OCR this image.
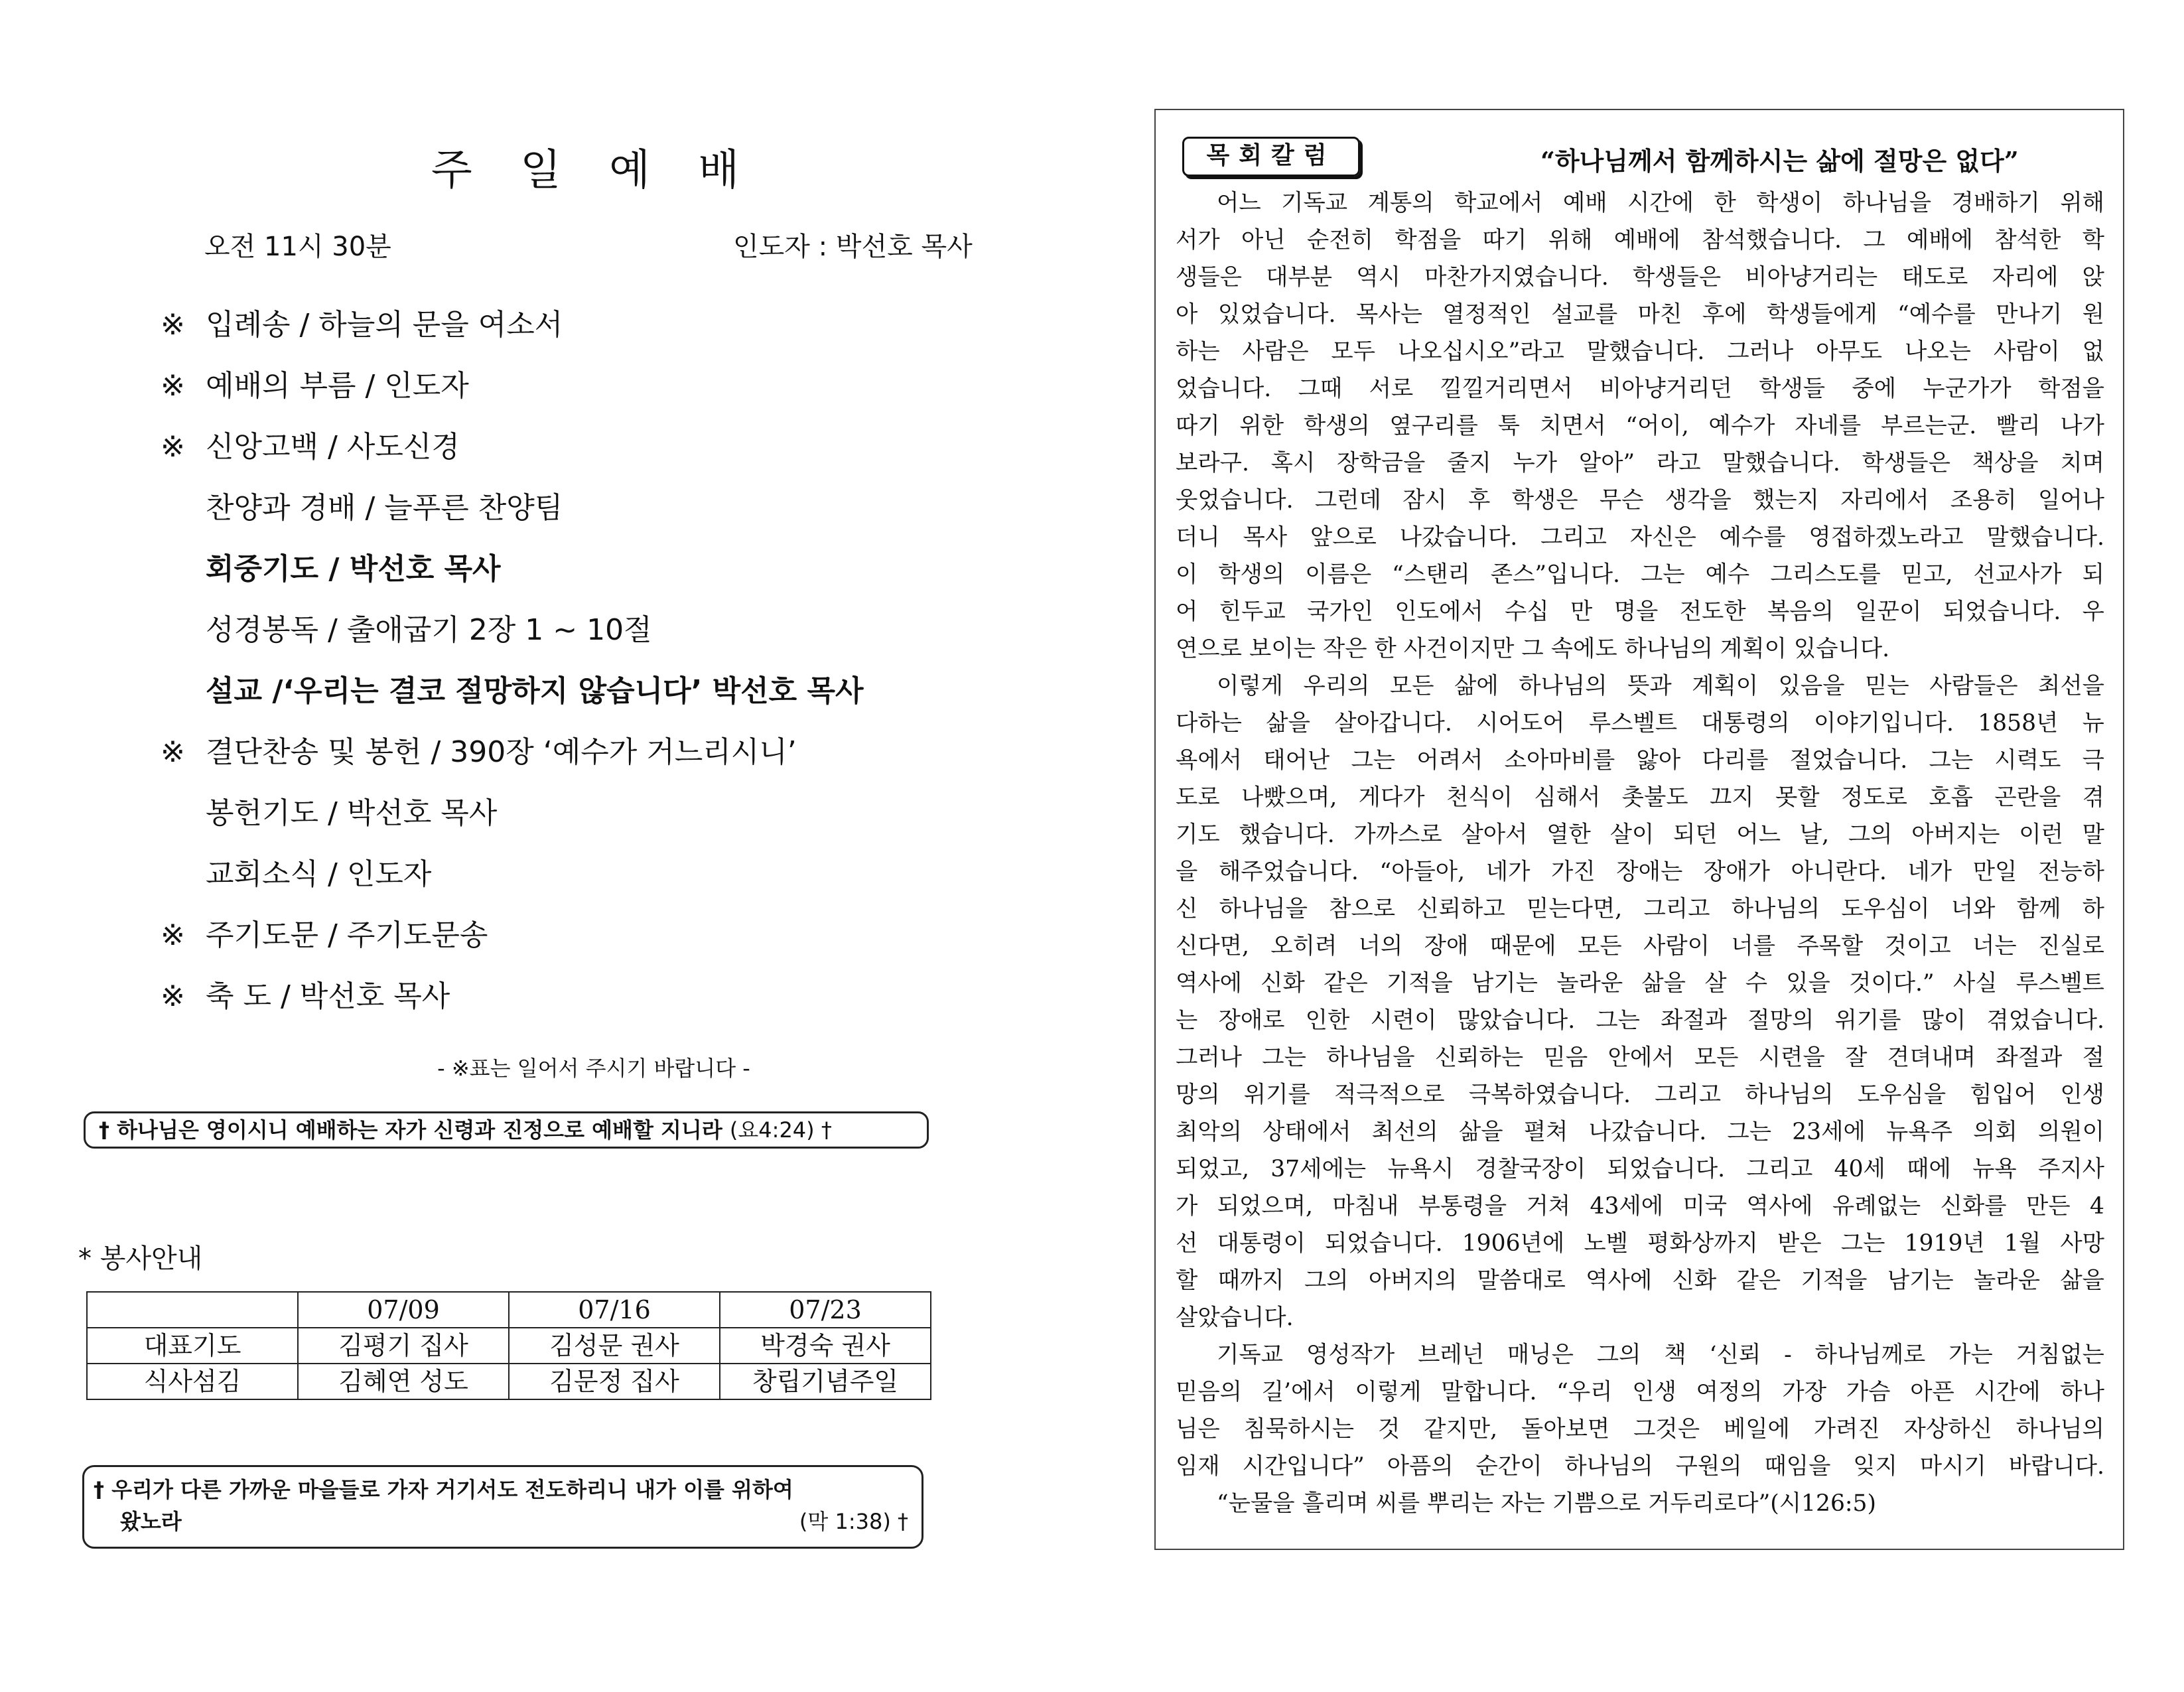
주 일 예 배
오전 11시 30분	인도자 : 박선호 목사
※ 입례송 / 하늘의 문을 여소서
※ 예배의 부름 / 인도자
※ 신앙고백 / 사도신경
찬양과 경배 / 늘푸른 찬양팀
회중기도 / 박선호 목사
성경봉독 / 출애굽기 2장 1 ~ 10절
설교 /‘우리는 결코 절망하지 않습니다’ 박선호 목사
※ 결단찬송 및 봉헌 / 390장 ‘예수가 거느리시니’
봉헌기도 / 박선호 목사
교회소식 / 인도자
※ 주기도문 / 주기도문송
※ 축 도 / 박선호 목사
- ※표는 일어서 주시기 바랍니다 -
† 하나님은 영이시니 예배하는 자가 신령과 진정으로 예배할 지니라 (요4:24) †
* 봉사안내
	07/09	07/16	07/23
대표기도	김평기 집사	김성문 권사	박경숙 권사
식사섬김	김혜연 성도	김문정 집사	창립기념주일
† 우리가 다른 가까운 마을들로 가자 거기서도 전도하리니 내가 이를 위하여
왔노라	(막 1:38) †
목회칼럼	“하나님께서 함께하시는 삶에 절망은 없다”
어느 기독교 계통의 학교에서 예배 시간에 한 학생이 하나님을 경배하기 위해
서가 아닌 순전히 학점을 따기 위해 예배에 참석했습니다. 그 예배에 참석한 학
생들은 대부분 역시 마찬가지였습니다. 학생들은 비아냥거리는 태도로 자리에 앉
아 있었습니다. 목사는 열정적인 설교를 마친 후에 학생들에게 “예수를 만나기 원
하는 사람은 모두 나오십시오”라고 말했습니다. 그러나 아무도 나오는 사람이 없
었습니다. 그때 서로 낄낄거리면서 비아냥거리던 학생들 중에 누군가가 학점을
따기 위한 학생의 옆구리를 툭 치면서 “어이, 예수가 자네를 부르는군. 빨리 나가
보라구. 혹시 장학금을 줄지 누가 알아” 라고 말했습니다. 학생들은 책상을 치며
웃었습니다. 그런데 잠시 후 학생은 무슨 생각을 했는지 자리에서 조용히 일어나
더니 목사 앞으로 나갔습니다. 그리고 자신은 예수를 영접하겠노라고 말했습니다.
이 학생의 이름은 “스탠리 존스”입니다. 그는 예수 그리스도를 믿고, 선교사가 되
어 힌두교 국가인 인도에서 수십 만 명을 전도한 복음의 일꾼이 되었습니다. 우
연으로 보이는 작은 한 사건이지만 그 속에도 하나님의 계획이 있습니다.
이렇게 우리의 모든 삶에 하나님의 뜻과 계획이 있음을 믿는 사람들은 최선을
다하는 삶을 살아갑니다. 시어도어 루스벨트 대통령의 이야기입니다. 1858년 뉴
욕에서 태어난 그는 어려서 소아마비를 앓아 다리를 절었습니다. 그는 시력도 극
도로 나빴으며, 게다가 천식이 심해서 촛불도 끄지 못할 정도로 호흡 곤란을 겪
기도 했습니다. 가까스로 살아서 열한 살이 되던 어느 날, 그의 아버지는 이런 말
을 해주었습니다. “아들아, 네가 가진 장애는 장애가 아니란다. 네가 만일 전능하
신 하나님을 참으로 신뢰하고 믿는다면, 그리고 하나님의 도우심이 너와 함께 하
신다면, 오히려 너의 장애 때문에 모든 사람이 너를 주목할 것이고 너는 진실로
역사에 신화 같은 기적을 남기는 놀라운 삶을 살 수 있을 것이다.” 사실 루스벨트
는 장애로 인한 시련이 많았습니다. 그는 좌절과 절망의 위기를 많이 겪었습니다.
그러나 그는 하나님을 신뢰하는 믿음 안에서 모든 시련을 잘 견뎌내며 좌절과 절
망의 위기를 적극적으로 극복하였습니다. 그리고 하나님의 도우심을 힘입어 인생
최악의 상태에서 최선의 삶을 펼쳐 나갔습니다. 그는 23세에 뉴욕주 의회 의원이
되었고, 37세에는 뉴욕시 경찰국장이 되었습니다. 그리고 40세 때에 뉴욕 주지사
가 되었으며, 마침내 부통령을 거쳐 43세에 미국 역사에 유례없는 신화를 만든 4
선 대통령이 되었습니다. 1906년에 노벨 평화상까지 받은 그는 1919년 1월 사망
할 때까지 그의 아버지의 말씀대로 역사에 신화 같은 기적을 남기는 놀라운 삶을
살았습니다.
기독교 영성작가 브레넌 매닝은 그의 책 ‘신뢰 - 하나님께로 가는 거침없는
믿음의 길’에서 이렇게 말합니다. “우리 인생 여정의 가장 가슴 아픈 시간에 하나
님은 침묵하시는 것 같지만, 돌아보면 그것은 베일에 가려진 자상하신 하나님의
임재 시간입니다” 아픔의 순간이 하나님의 구원의 때임을 잊지 마시기 바랍니다.
“눈물을 흘리며 씨를 뿌리는 자는 기쁨으로 거두리로다”(시126:5)
